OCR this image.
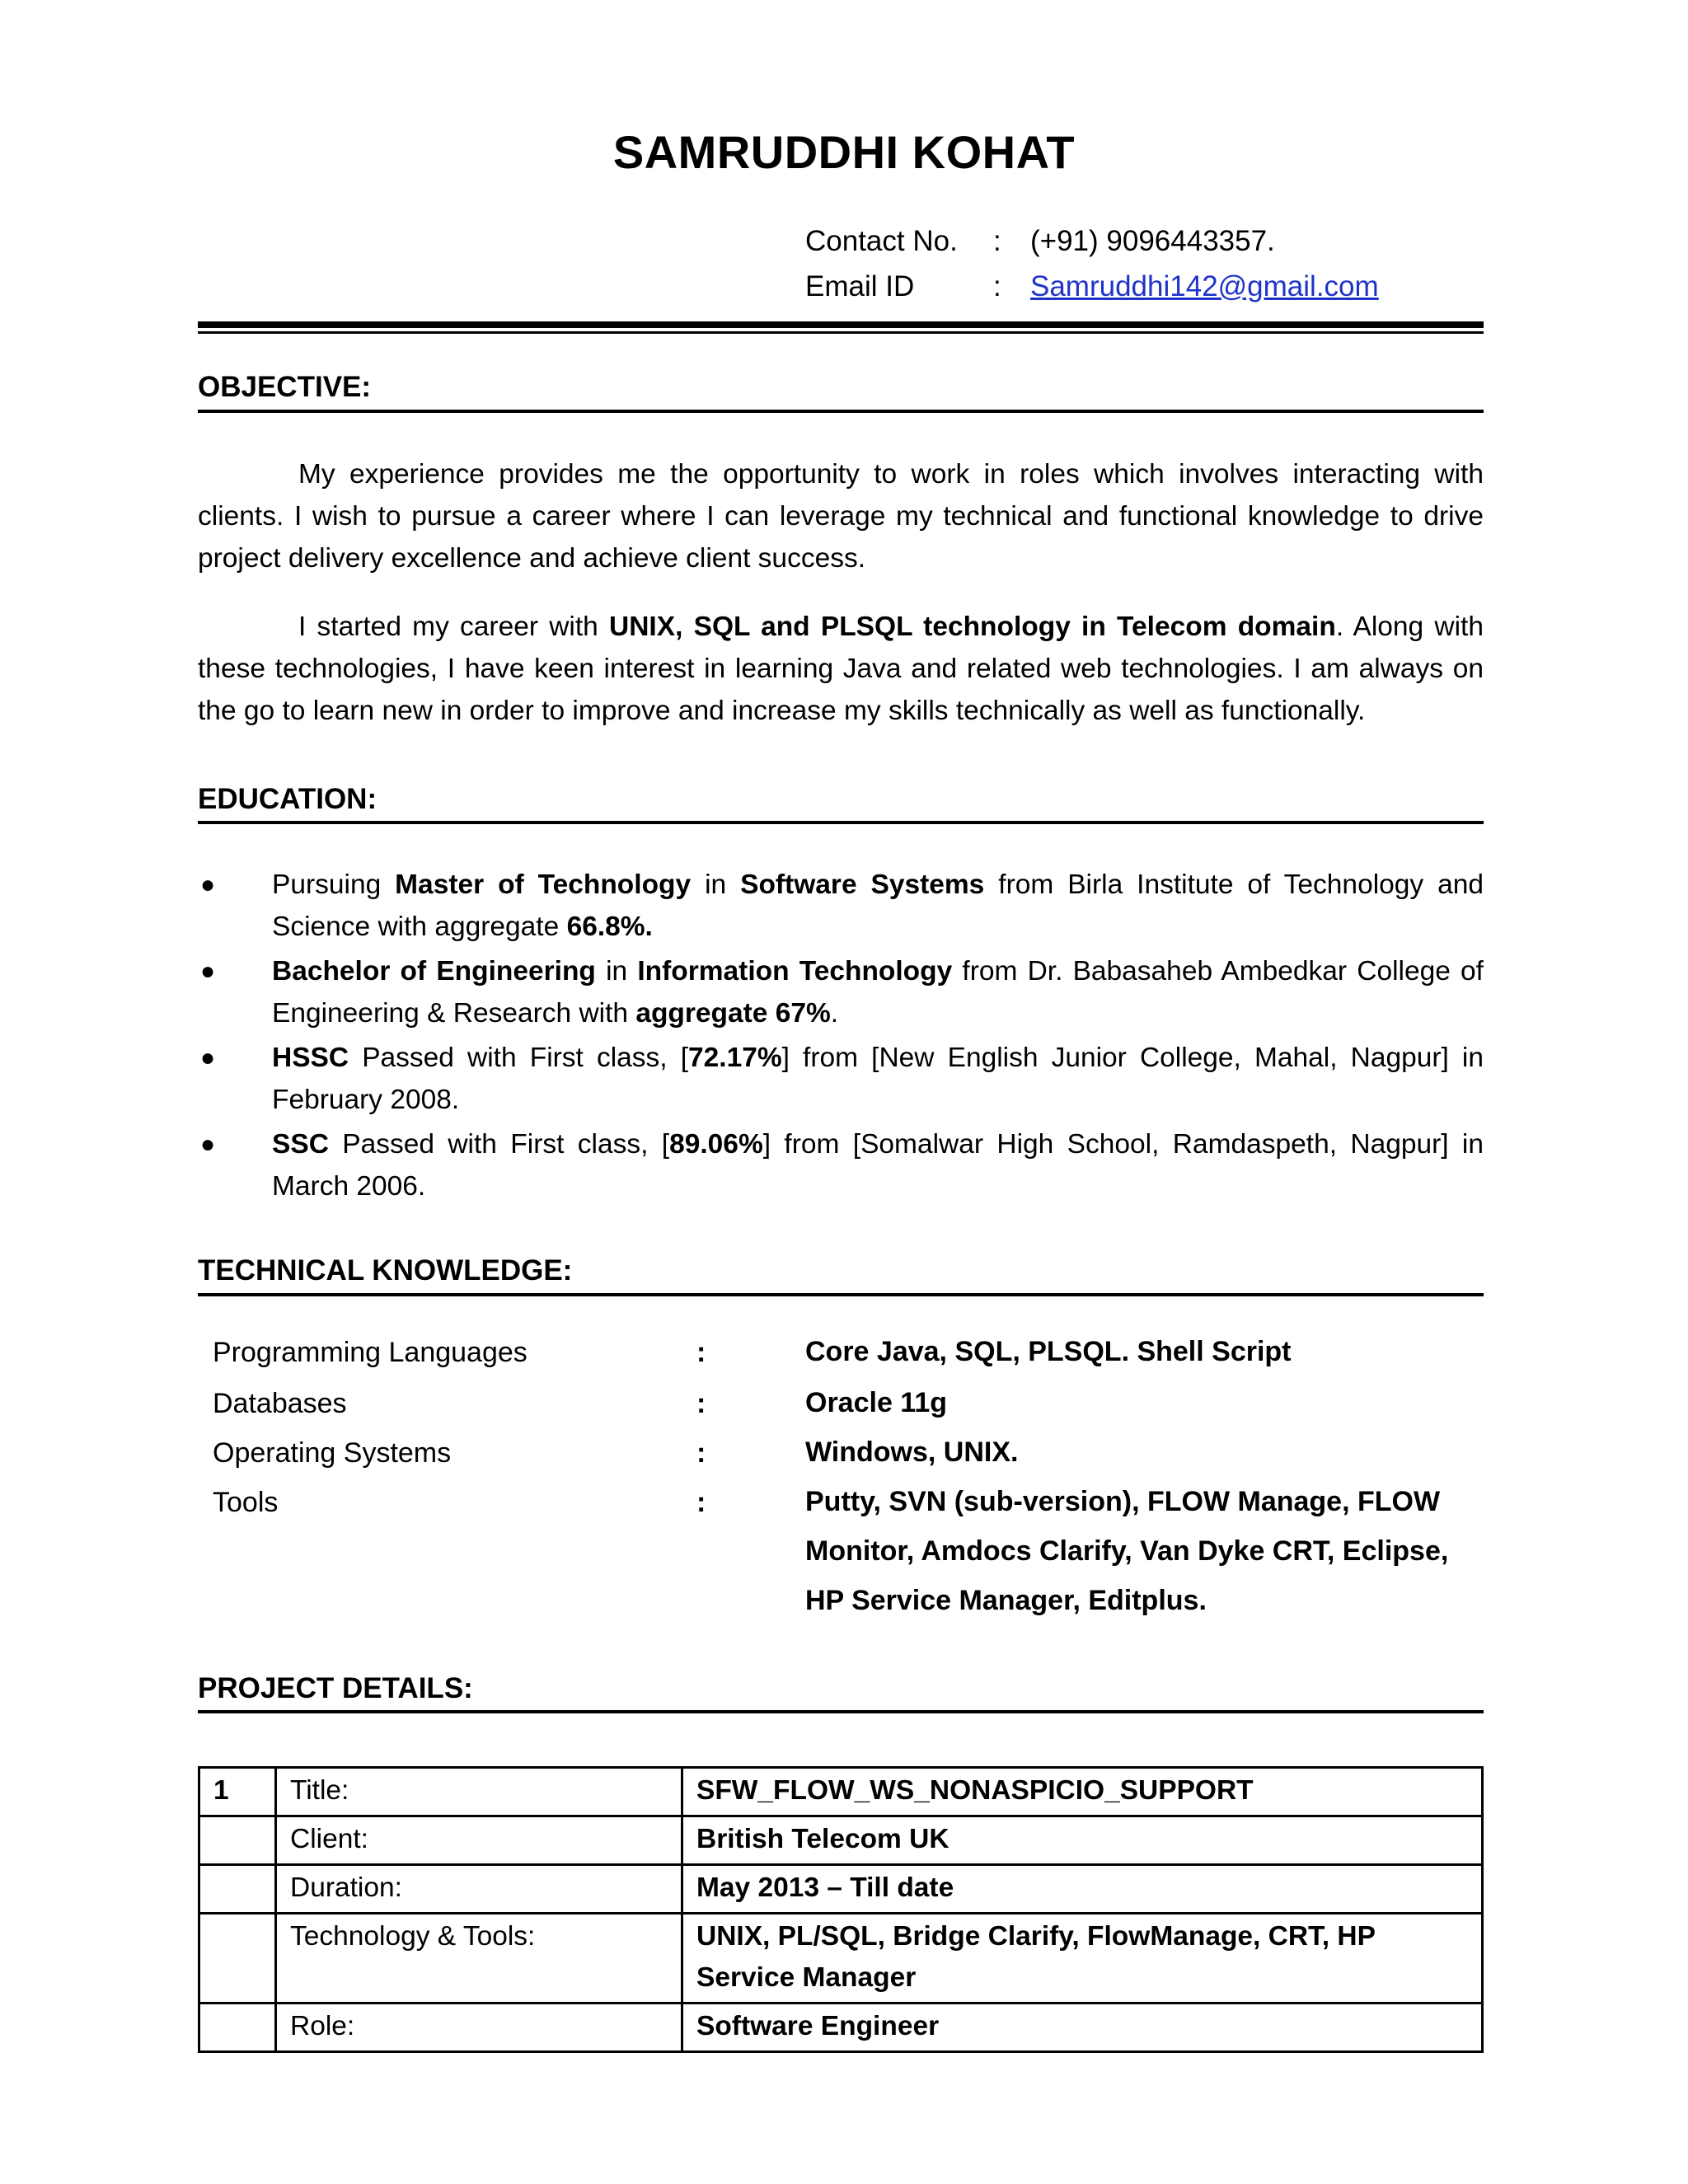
SAMRUDDHI KOHAT
Contact No. : (+91) 9096443357.
Email ID	: Samruddhi142@gmail.com
OBJECTIVE:
My experience provides me the opportunity to work in roles which involves interacting with clients. I wish to pursue a career where I can leverage my technical and functional knowledge to drive project delivery excellence and achieve client success.
I started my career with UNIX, SQL and PLSQL technology in Telecom domain. Along with these technologies, I have keen interest in learning Java and related web technologies. I am always on the go to learn new in order to improve and increase my skills technically as well as functionally.
EDUCATION:
● Pursuing Master of Technology in Software Systems from Birla Institute of Technology and Science with aggregate 66.8%.
● Bachelor of Engineering in Information Technology from Dr. Babasaheb Ambedkar College of Engineering & Research with aggregate 67%.
● HSSC Passed with First class, [72.17%] from [New English Junior College, Mahal, Nagpur] in February 2008.
● SSC Passed with First class, [89.06%] from [Somalwar High School, Ramdaspeth, Nagpur] in March 2006.
TECHNICAL KNOWLEDGE:
Programming Languages	:	Core Java, SQL, PLSQL. Shell Script
Databases	:	Oracle 11g
Operating Systems	:	Windows, UNIX.
Tools	:	Putty, SVN (sub-version), FLOW Manage, FLOW Monitor, Amdocs Clarify, Van Dyke CRT, Eclipse, HP Service Manager, Editplus.
PROJECT DETAILS:
1	Title:	SFW_FLOW_WS_NONASPICIO_SUPPORT
	Client:	British Telecom UK
	Duration:	May 2013 – Till date
	Technology & Tools:	UNIX, PL/SQL, Bridge Clarify, FlowManage, CRT, HP Service Manager
	Role:	Software Engineer
